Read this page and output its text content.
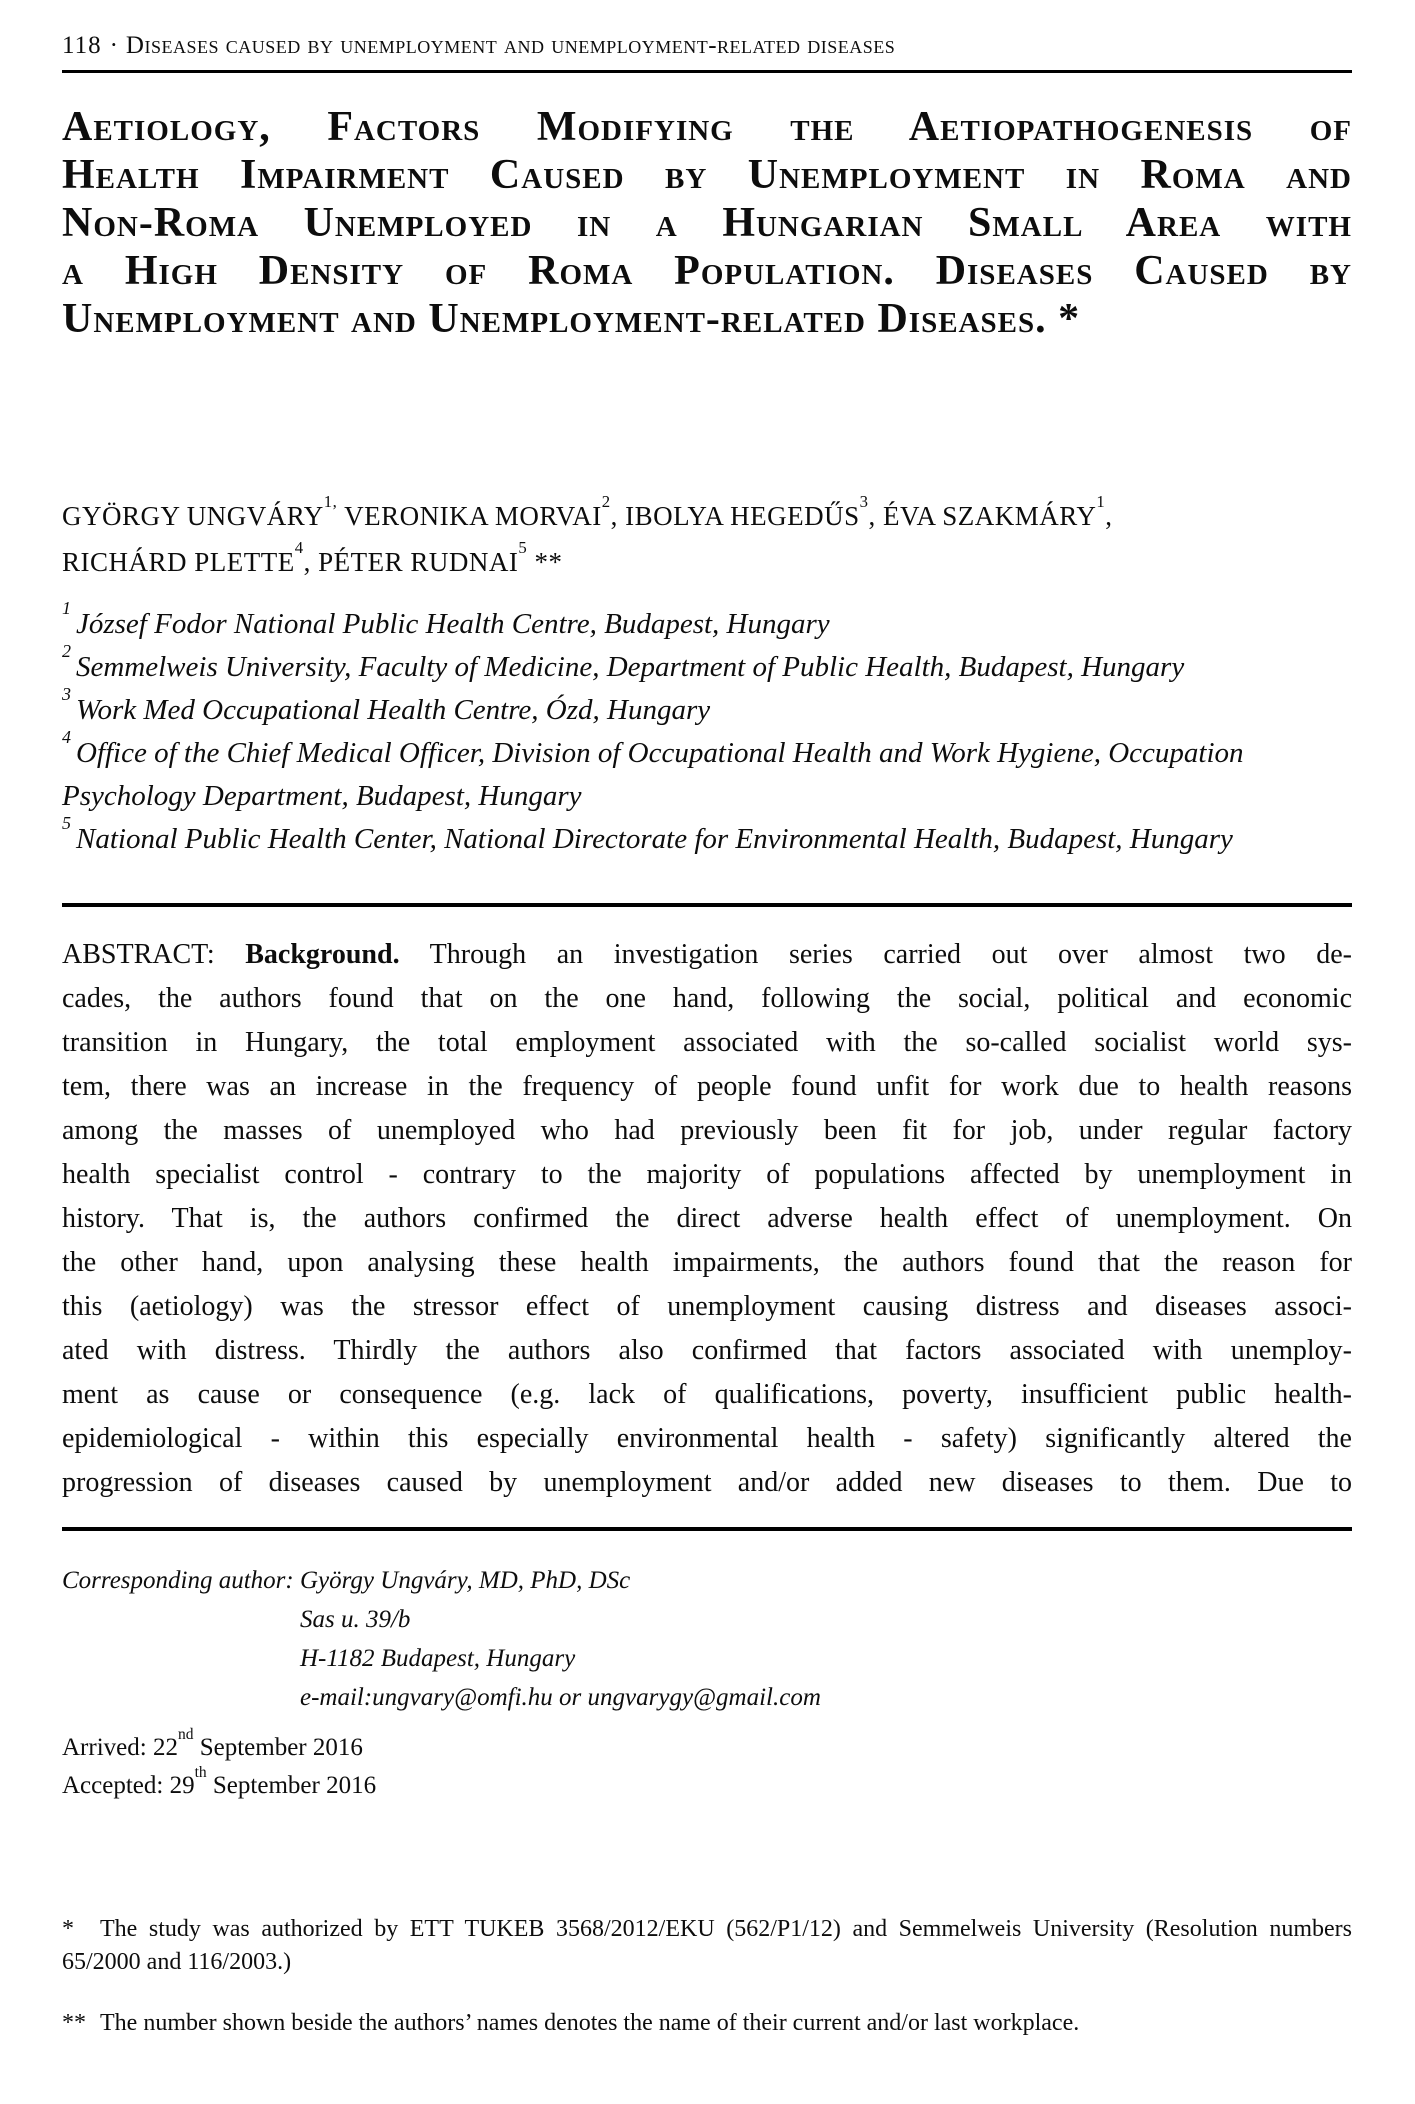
118 · Diseases caused by unemployment and unemployment-related diseases
Aetiology, Factors Modifying the Aetiopathogenesis of
Health Impairment Caused by Unemployment in Roma and
Non-Roma Unemployed in a Hungarian Small Area with
a High Density of Roma Population. Diseases Caused by
Unemployment and Unemployment-related Diseases. *
GYÖRGY $UNGVÁRY^{1,}$ VERONIKA MORVAI$^2$, IBOLYA HEGEDŰS$^3$, ÉVA SZAKMÁRY$^1$,
RICHÁRD PLETTE$^4$, PÉTER RUDNAI$^5$ **
$^1$ József Fodor National Public Health Centre, Budapest, Hungary
$^2$ Semmelweis University, Faculty of Medicine, Department of Public Health, Budapest, Hungary
$^3$ Work Med Occupational Health Centre, Ózd, Hungary
$^4$ Office of the Chief Medical Officer, Division of Occupational Health and Work Hygiene, Occupation Psychology Department, Budapest, Hungary
$^5$ National Public Health Center, National Directorate for Environmental Health, Budapest, Hungary
ABSTRACT: Background. Through an investigation series carried out over almost two de-
cades, the authors found that on the one hand, following the social, political and economic
transition in Hungary, the total employment associated with the so-called socialist world sys-
tem, there was an increase in the frequency of people found unfit for work due to health reasons
among the masses of unemployed who had previously been fit for job, under regular factory
health specialist control - contrary to the majority of populations affected by unemployment in
history. That is, the authors confirmed the direct adverse health effect of unemployment. On
the other hand, upon analysing these health impairments, the authors found that the reason for
this (aetiology) was the stressor effect of unemployment causing distress and diseases associ-
ated with distress. Thirdly the authors also confirmed that factors associated with unemploy-
ment as cause or consequence (e.g. lack of qualifications, poverty, insufficient public health-
epidemiological - within this especially environmental health - safety) significantly altered the
progression of diseases caused by unemployment and/or added new diseases to them. Due to
Corresponding author: György Ungváry, MD, PhD, DSc
Sas u. 39/b
H-1182 Budapest, Hungary
e-mail:ungvary@omfi.hu or ungvarygy@gmail.com
Arrived: 22nd September 2016
Accepted: 29th September 2016
* The study was authorized by ETT TUKEB 3568/2012/EKU (562/P1/12) and Semmelweis University (Resolution numbers 65/2000 and 116/2003.)
** The number shown beside the authors’ names denotes the name of their current and/or last workplace.
